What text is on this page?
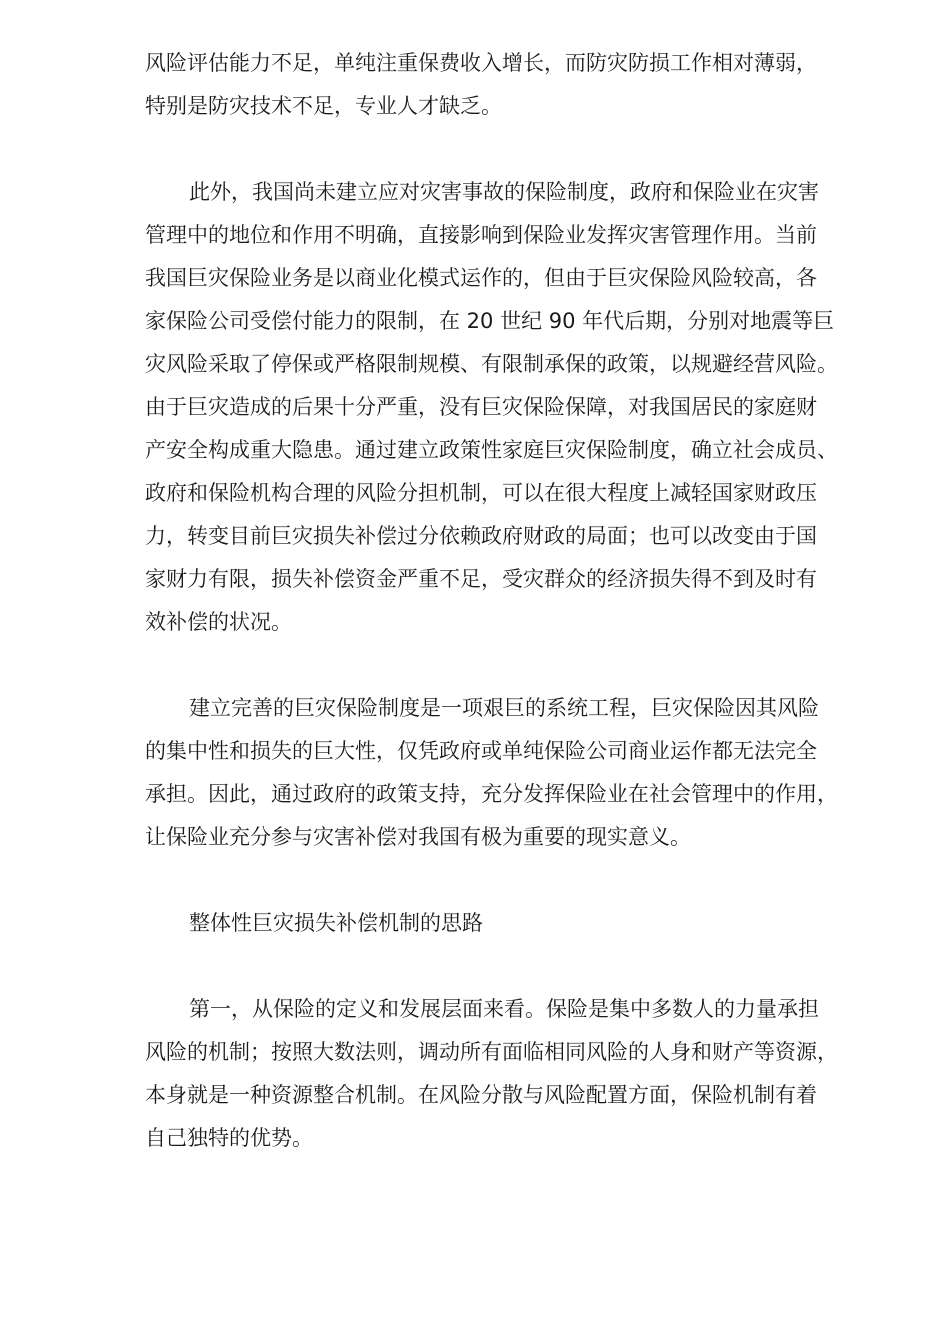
风险评估能力不足，单纯注重保费收入增长，而防灾防损工作相对薄弱，
特别是防灾技术不足，专业人才缺乏。
此外，我国尚未建立应对灾害事故的保险制度，政府和保险业在灾害
管理中的地位和作用不明确，直接影响到保险业发挥灾害管理作用。当前
我国巨灾保险业务是以商业化模式运作的，但由于巨灾保险风险较高，各
家保险公司受偿付能力的限制，在 20 世纪 90 年代后期，分别对地震等巨
灾风险采取了停保或严格限制规模、有限制承保的政策，以规避经营风险。
由于巨灾造成的后果十分严重，没有巨灾保险保障，对我国居民的家庭财
产安全构成重大隐患。通过建立政策性家庭巨灾保险制度，确立社会成员、
政府和保险机构合理的风险分担机制，可以在很大程度上减轻国家财政压
力，转变目前巨灾损失补偿过分依赖政府财政的局面；也可以改变由于国
家财力有限，损失补偿资金严重不足，受灾群众的经济损失得不到及时有
效补偿的状况。
建立完善的巨灾保险制度是一项艰巨的系统工程，巨灾保险因其风险
的集中性和损失的巨大性，仅凭政府或单纯保险公司商业运作都无法完全
承担。因此，通过政府的政策支持，充分发挥保险业在社会管理中的作用，
让保险业充分参与灾害补偿对我国有极为重要的现实意义。
整体性巨灾损失补偿机制的思路
第一，从保险的定义和发展层面来看。保险是集中多数人的力量承担
风险的机制；按照大数法则，调动所有面临相同风险的人身和财产等资源，
本身就是一种资源整合机制。在风险分散与风险配置方面，保险机制有着
自己独特的优势。
